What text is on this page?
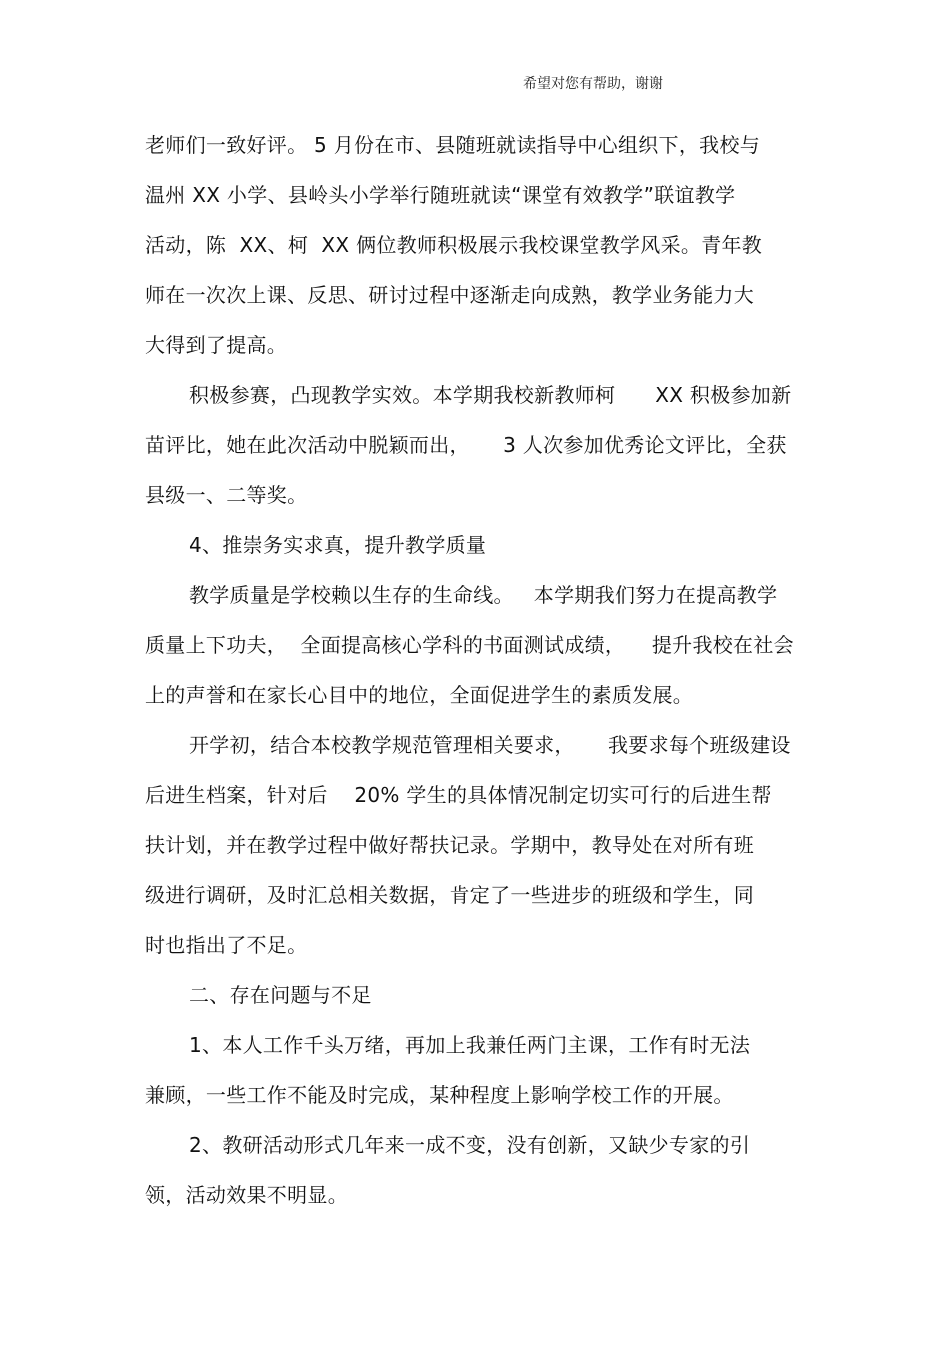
希望对您有帮助，谢谢
老师们一致好评。 5 月份在市、县随班就读指导中心组织下，我校与
温州 XX 小学、县岭头小学举行随班就读“课堂有效教学”联谊教学
活动，陈  XX、柯  XX 俩位教师积极展示我校课堂教学风采。青年教
师在一次次上课、反思、研讨过程中逐渐走向成熟，教学业务能力大
大得到了提高。
积极参赛，凸现教学实效。本学期我校新教师柯      XX 积极参加新
苗评比，她在此次活动中脱颖而出，     3 人次参加优秀论文评比，全获
县级一、二等奖。
4、推崇务实求真，提升教学质量
教学质量是学校赖以生存的生命线。   本学期我们努力在提高教学
质量上下功夫，  全面提高核心学科的书面测试成绩，    提升我校在社会
上的声誉和在家长心目中的地位，全面促进学生的素质发展。
开学初，结合本校教学规范管理相关要求，     我要求每个班级建设
后进生档案，针对后    20% 学生的具体情况制定切实可行的后进生帮
扶计划，并在教学过程中做好帮扶记录。学期中，教导处在对所有班
级进行调研，及时汇总相关数据，肯定了一些进步的班级和学生，同
时也指出了不足。
二、存在问题与不足
1、本人工作千头万绪，再加上我兼任两门主课，工作有时无法
兼顾，一些工作不能及时完成，某种程度上影响学校工作的开展。
2、教研活动形式几年来一成不变，没有创新，又缺少专家的引
领，活动效果不明显。
